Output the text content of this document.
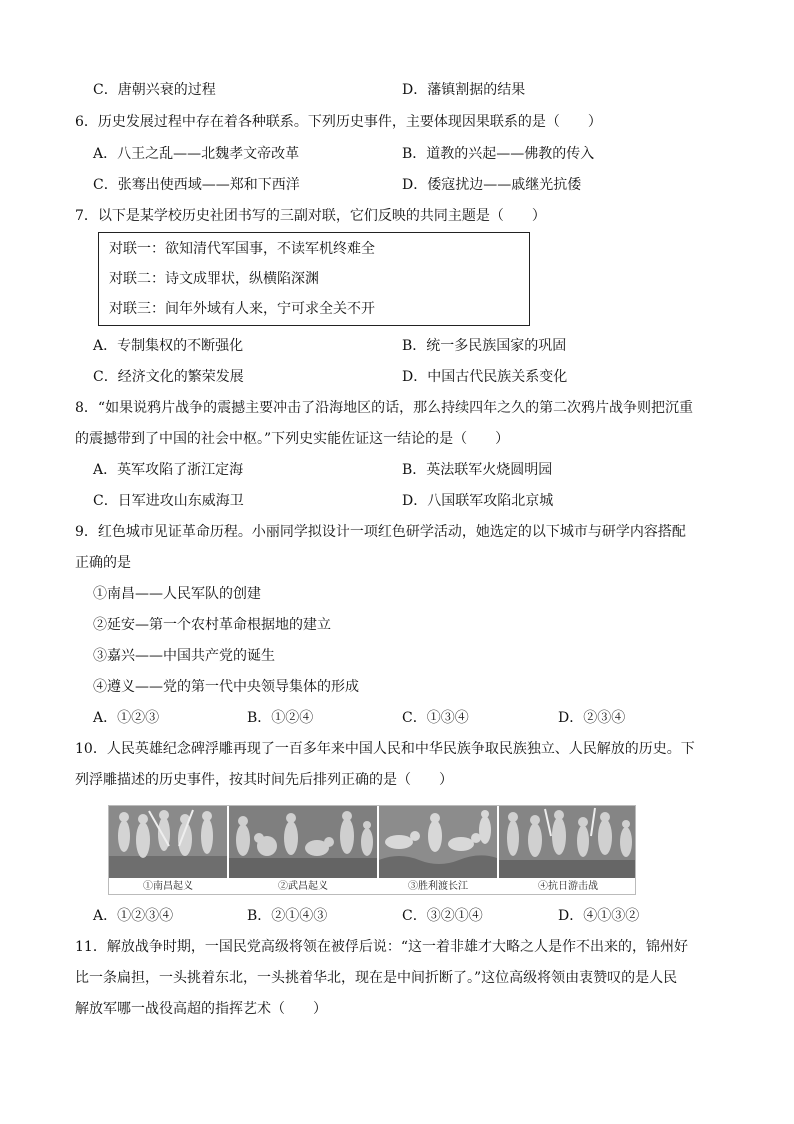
C．唐朝兴衰的过程	D．藩镇割据的结果
6．历史发展过程中存在着各种联系。下列历史事件，主要体现因果联系的是（　　）
A．八王之乱——北魏孝文帝改革	B．道教的兴起——佛教的传入
C．张骞出使西域——郑和下西洋	D．倭寇扰边——戚继光抗倭
7．以下是某学校历史社团书写的三副对联，它们反映的共同主题是（　　）
对联一：欲知清代军国事，不读军机终难全
对联二：诗文成罪状，纵横陷深渊
对联三：间年外域有人来，宁可求全关不开
A．专制集权的不断强化	B．统一多民族国家的巩固
C．经济文化的繁荣发展	D．中国古代民族关系变化
8．“如果说鸦片战争的震撼主要冲击了沿海地区的话，那么持续四年之久的第二次鸦片战争则把沉重
的震撼带到了中国的社会中枢。”下列史实能佐证这一结论的是（　　）
A．英军攻陷了浙江定海	B．英法联军火烧圆明园
C．日军进攻山东威海卫	D．八国联军攻陷北京城
9．红色城市见证革命历程。小丽同学拟设计一项红色研学活动，她选定的以下城市与研学内容搭配
正确的是
①南昌——人民军队的创建
②延安—第一个农村革命根据地的建立
③嘉兴——中国共产党的诞生
④遵义——党的第一代中央领导集体的形成
A．①②③	B．①②④	C．①③④	D．②③④
10．人民英雄纪念碑浮雕再现了一百多年来中国人民和中华民族争取民族独立、人民解放的历史。下
列浮雕描述的历史事件，按其时间先后排列正确的是（　　）
①南昌起义	②武昌起义	③胜利渡长江	④抗日游击战
A．①②③④	B．②①④③	C．③②①④	D．④①③②
11．解放战争时期，一国民党高级将领在被俘后说：“这一着非雄才大略之人是作不出来的，锦州好
比一条扁担，一头挑着东北，一头挑着华北，现在是中间折断了。”这位高级将领由衷赞叹的是人民
解放军哪一战役高超的指挥艺术（　　）
